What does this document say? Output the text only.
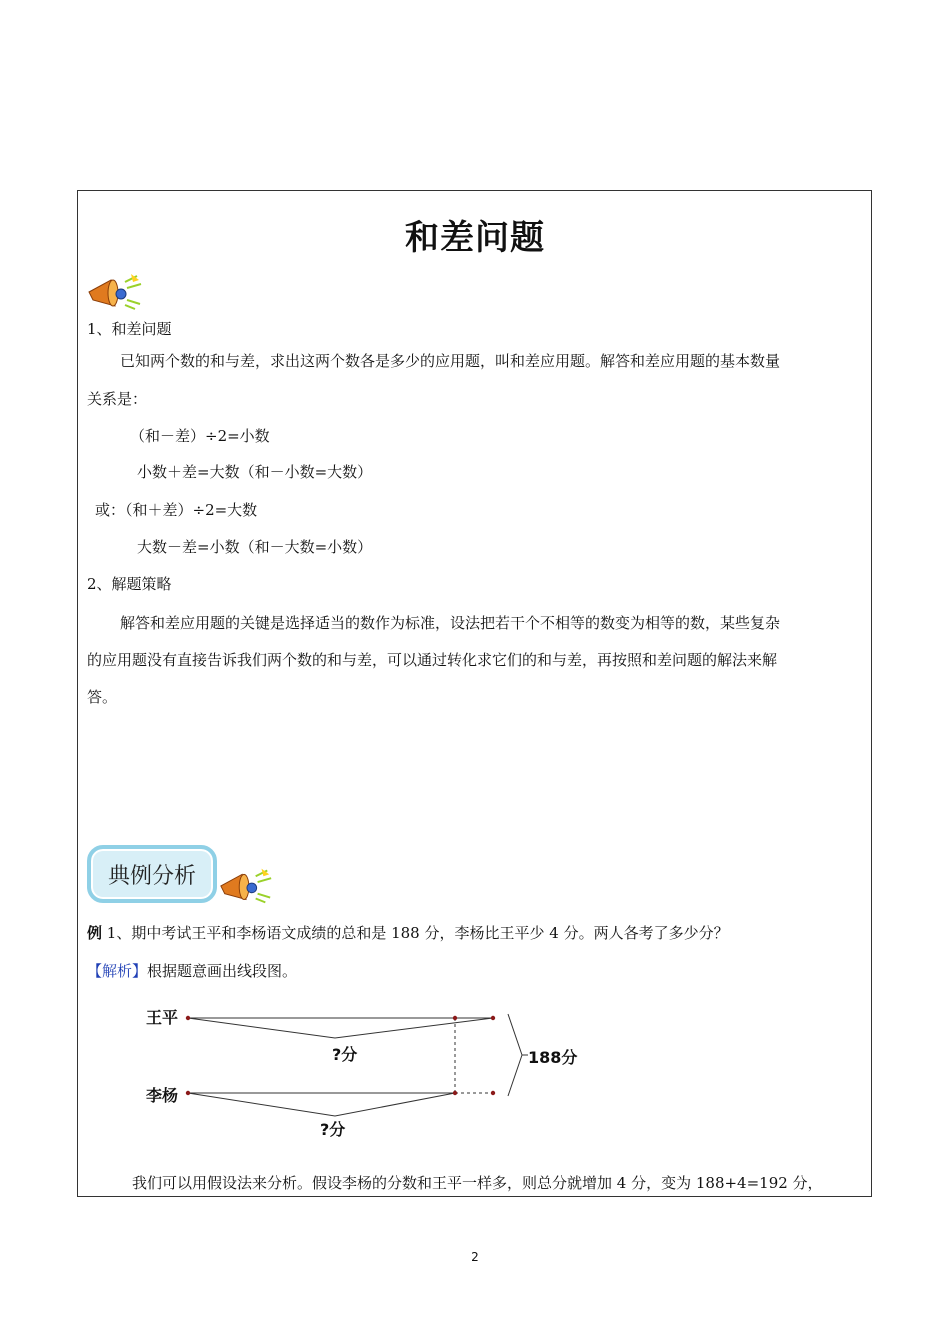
和差问题
1、和差问题
已知两个数的和与差，求出这两个数各是多少的应用题，叫和差应用题。解答和差应用题的基本数量
关系是：
（和－差）÷2=小数
小数＋差=大数（和－小数=大数）
或：（和＋差）÷2=大数
大数－差=小数（和－大数=小数）
2、解题策略
解答和差应用题的关键是选择适当的数作为标准，设法把若干个不相等的数变为相等的数，某些复杂
的应用题没有直接告诉我们两个数的和与差，可以通过转化求它们的和与差，再按照和差问题的解法来解
答。
典例分析
例 1、期中考试王平和李杨语文成绩的总和是 188 分，李杨比王平少 4 分。两人各考了多少分？
【解析】根据题意画出线段图。
王平
李杨
?分
?分
188分
我们可以用假设法来分析。假设李杨的分数和王平一样多，则总分就增加 4 分，变为 188+4=192 分，
2
